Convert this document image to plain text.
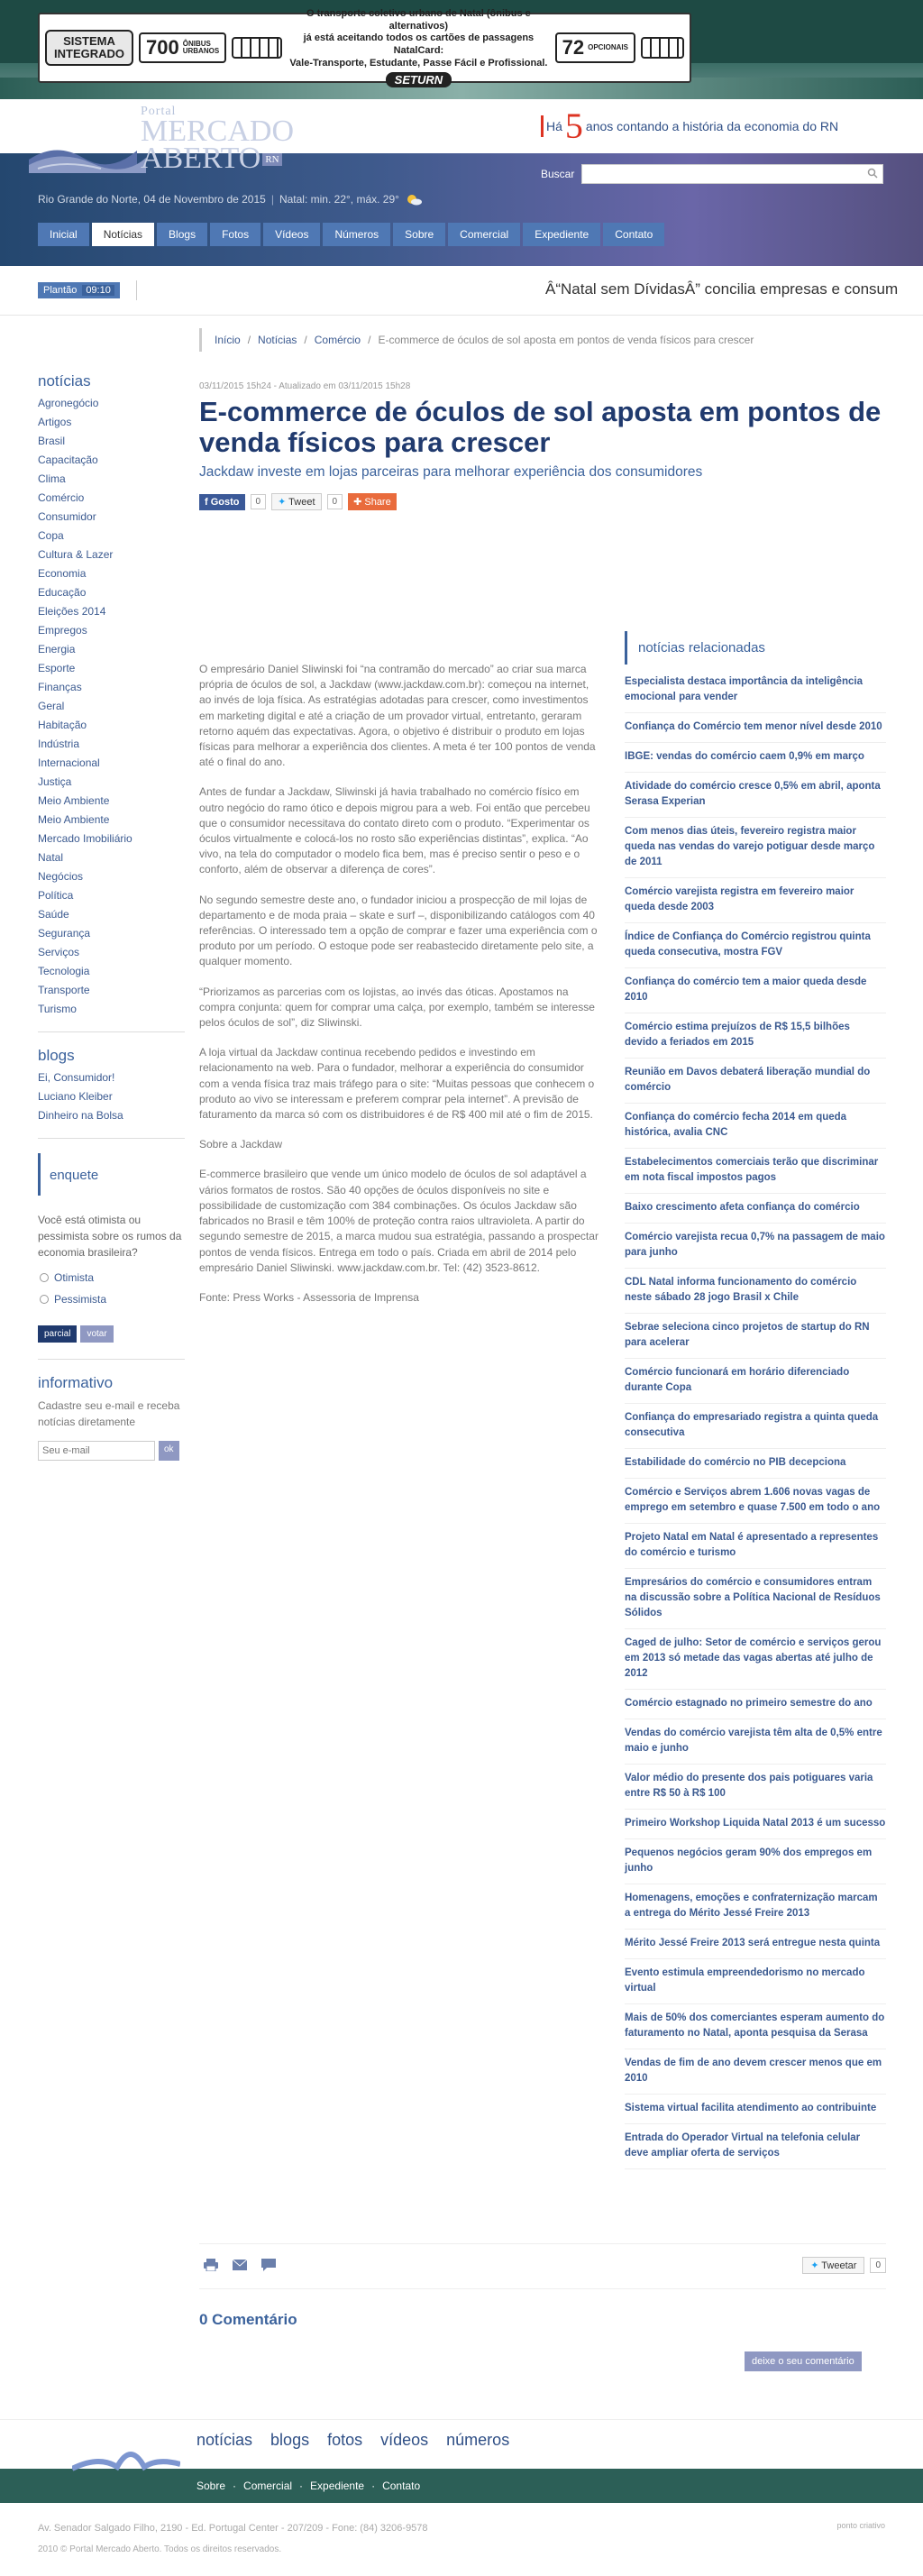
SISTEMA
INTEGRADO 700 ÔNIBUS
URBANOS
O transporte coletivo urbano de Natal (ônibus e alternativos)
já está aceitando todos os cartões de passagens NatalCard:
Vale-Transporte, Estudante, Passe Fácil e Profissional.
SETURN
72 OPCIONAIS
Portal
MERCADO
ABERTO RN
Há 5 anos contando a história da economia do RN
Buscar
Rio Grande do Norte, 04 de Novembro de 2015 | Natal: min. 22°, máx. 29°
Inicial	Notícias	Blogs	Fotos	Vídeos	Números	Sobre	Comercial	Expediente	Contato
Plantão 09:10	Â“Natal sem DívidasÂ” concilia empresas e consum
notícias
Agronegócio
Artigos
Brasil
Capacitação
Clima
Comércio
Consumidor
Copa
Cultura & Lazer
Economia
Educação
Eleições 2014
Empregos
Energia
Esporte
Finanças
Geral
Habitação
Indústria
Internacional
Justiça
Meio Ambiente
Meio Ambiente
Mercado Imobiliário
Natal
Negócios
Política
Saúde
Segurança
Serviços
Tecnologia
Transporte
Turismo
blogs
Ei, Consumidor!
Luciano Kleiber
Dinheiro na Bolsa
enquete
Você está otimista ou pessimista sobre os rumos da economia brasileira?
Otimista
Pessimista
parcial	votar
informativo

Cadastre seu e-mail e receba notícias diretamente

Seu e-mail
ok
Início / Notícias / Comércio / E-commerce de óculos de sol aposta em pontos de venda físicos para crescer
03/11/2015 15h24 - Atualizado em 03/11/2015 15h28
E-commerce de óculos de sol aposta em pontos de venda físicos para crescer
Jackdaw investe em lojas parceiras para melhorar experiência dos consumidores
f Gosto	0	✦ Tweet	0	✚ Share

O empresário Daniel Sliwinski foi “na contramão do mercado” ao criar sua marca própria de óculos de sol, a Jackdaw (www.jackdaw.com.br): começou na internet, ao invés de loja física. As estratégias adotadas para crescer, como investimentos em marketing digital e até a criação de um provador virtual, entretanto, geraram retorno aquém das expectativas. Agora, o objetivo é distribuir o produto em lojas físicas para melhorar a experiência dos clientes. A meta é ter 100 pontos de venda até o final do ano.

Antes de fundar a Jackdaw, Sliwinski já havia trabalhado no comércio físico em outro negócio do ramo ótico e depois migrou para a web. Foi então que percebeu que o consumidor necessitava do contato direto com o produto. “Experimentar os óculos virtualmente e colocá-los no rosto são experiências distintas”, explica. “Ao vivo, na tela do computador o modelo fica bem, mas é preciso sentir o peso e o conforto, além de observar a diferença de cores”.

No segundo semestre deste ano, o fundador iniciou a prospecção de mil lojas de departamento e de moda praia – skate e surf –, disponibilizando catálogos com 40 referências. O interessado tem a opção de comprar e fazer uma experiência com o produto por um período. O estoque pode ser reabastecido diretamente pelo site, a qualquer momento.

“Priorizamos as parcerias com os lojistas, ao invés das óticas. Apostamos na compra conjunta: quem for comprar uma calça, por exemplo, também se interesse pelos óculos de sol”, diz Sliwinski.

A loja virtual da Jackdaw continua recebendo pedidos e investindo em relacionamento na web. Para o fundador, melhorar a experiência do consumidor com a venda física traz mais tráfego para o site: “Muitas pessoas que conhecem o produto ao vivo se interessam e preferem comprar pela internet”. A previsão de faturamento da marca só com os distribuidores é de R$ 400 mil até o fim de 2015.

Sobre a Jackdaw

E-commerce brasileiro que vende um único modelo de óculos de sol adaptável a vários formatos de rostos. São 40 opções de óculos disponíveis no site e possibilidade de customização com 384 combinações. Os óculos Jackdaw são fabricados no Brasil e têm 100% de proteção contra raios ultravioleta. A partir do segundo semestre de 2015, a marca mudou sua estratégia, passando a prospectar pontos de venda físicos. Entrega em todo o país. Criada em abril de 2014 pelo empresário Daniel Sliwinski. www.jackdaw.com.br. Tel: (42) 3523-8612.

Fonte: Press Works - Assessoria de Imprensa

notícias relacionadas
Especialista destaca importância da inteligência emocional para vender
Confiança do Comércio tem menor nível desde 2010
IBGE: vendas do comércio caem 0,9% em março
Atividade do comércio cresce 0,5% em abril, aponta Serasa Experian
Com menos dias úteis, fevereiro registra maior queda nas vendas do varejo potiguar desde março de 2011
Comércio varejista registra em fevereiro maior queda desde 2003
Índice de Confiança do Comércio registrou quinta queda consecutiva, mostra FGV
Confiança do comércio tem a maior queda desde 2010
Comércio estima prejuízos de R$ 15,5 bilhões devido a feriados em 2015
Reunião em Davos debaterá liberação mundial do comércio
Confiança do comércio fecha 2014 em queda histórica, avalia CNC
Estabelecimentos comerciais terão que discriminar em nota fiscal impostos pagos
Baixo crescimento afeta confiança do comércio
Comércio varejista recua 0,7% na passagem de maio para junho
CDL Natal informa funcionamento do comércio neste sábado 28 jogo Brasil x Chile
Sebrae seleciona cinco projetos de startup do RN para acelerar
Comércio funcionará em horário diferenciado durante Copa
Confiança do empresariado registra a quinta queda consecutiva
Estabilidade do comércio no PIB decepciona
Comércio e Serviços abrem 1.606 novas vagas de emprego em setembro e quase 7.500 em todo o ano
Projeto Natal em Natal é apresentado a representes do comércio e turismo
Empresários do comércio e consumidores entram na discussão sobre a Política Nacional de Resíduos Sólidos
Caged de julho: Setor de comércio e serviços gerou em 2013 só metade das vagas abertas até julho de 2012
Comércio estagnado no primeiro semestre do ano
Vendas do comércio varejista têm alta de 0,5% entre maio e junho
Valor médio do presente dos pais potiguares varia entre R$ 50 à R$ 100
Primeiro Workshop Liquida Natal 2013 é um sucesso
Pequenos negócios geram 90% dos empregos em junho
Homenagens, emoções e confraternização marcam a entrega do Mérito Jessé Freire 2013
Mérito Jessé Freire 2013 será entregue nesta quinta
Evento estimula empreendedorismo no mercado virtual
Mais de 50% dos comerciantes esperam aumento do faturamento no Natal, aponta pesquisa da Serasa
Vendas de fim de ano devem crescer menos que em 2010
Sistema virtual facilita atendimento ao contribuinte
Entrada do Operador Virtual na telefonia celular deve ampliar oferta de serviços
✦ Tweetar	0
0 Comentário
deixe o seu comentário
notícias blogs fotos vídeos números
Sobre · Comercial · Expediente · Contato
Av. Senador Salgado Filho, 2190 - Ed. Portugal Center - 207/209 - Fone: (84) 3206-9578
2010 © Portal Mercado Aberto. Todos os direitos reservados.
ponto criativo
